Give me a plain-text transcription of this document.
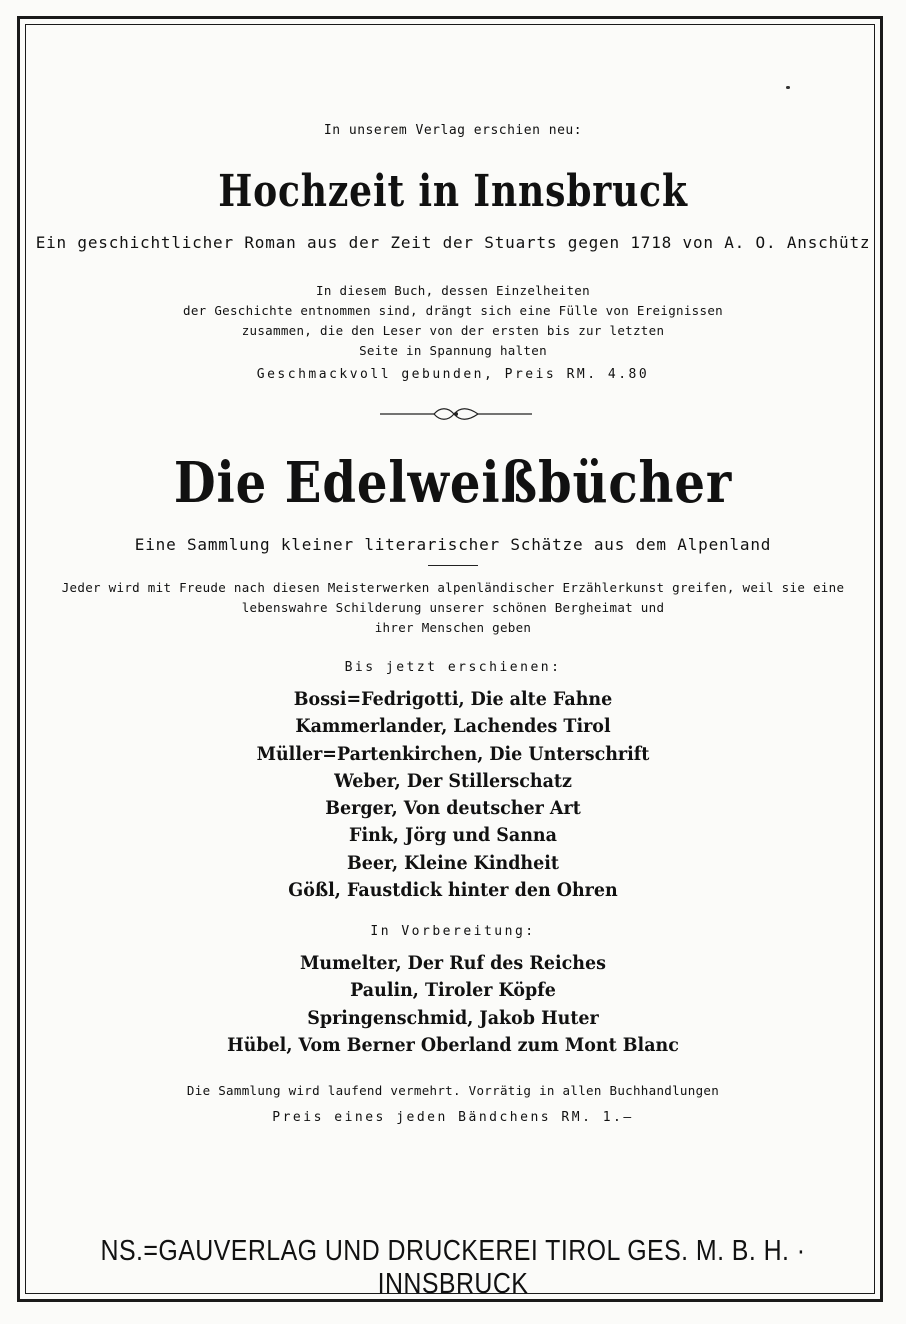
In unserem Verlag erschien neu:
Hochzeit in Innsbruck
Ein geschichtlicher Roman aus der Zeit der Stuarts gegen 1718 von A. O. Anschütz
In diesem Buch, dessen Einzelheiten
der Geschichte entnommen sind, drängt sich eine Fülle von Ereignissen
zusammen, die den Leser von der ersten bis zur letzten
Seite in Spannung halten
Geschmackvoll gebunden, Preis RM. 4.80
Die Edelweißbücher
Eine Sammlung kleiner literarischer Schätze aus dem Alpenland
Jeder wird mit Freude nach diesen Meisterwerken alpenländischer Erzählerkunst greifen, weil sie eine
lebenswahre Schilderung unserer schönen Bergheimat und
ihrer Menschen geben
Bis jetzt erschienen:
Bossi=Fedrigotti, Die alte Fahne
Kammerlander, Lachendes Tirol
Müller=Partenkirchen, Die Unterschrift
Weber, Der Stillerschatz
Berger, Von deutscher Art
Fink, Jörg und Sanna
Beer, Kleine Kindheit
Gößl, Faustdick hinter den Ohren
In Vorbereitung:
Mumelter, Der Ruf des Reiches
Paulin, Tiroler Köpfe
Springenschmid, Jakob Huter
Hübel, Vom Berner Oberland zum Mont Blanc
Die Sammlung wird laufend vermehrt. Vorrätig in allen Buchhandlungen
Preis eines jeden Bändchens RM. 1.—
NS.=GAUVERLAG UND DRUCKEREI TIROL GES. M. B. H. · INNSBRUCK
